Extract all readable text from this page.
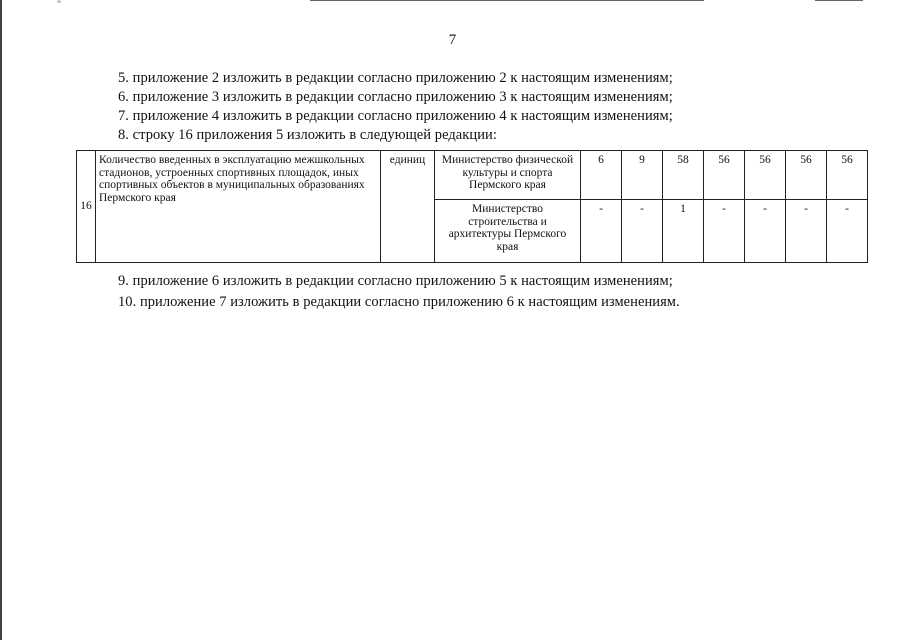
”
7
5. приложение 2 изложить в редакции согласно приложению 2 к настоящим изменениям;
6. приложение 3 изложить в редакции согласно приложению 3 к настоящим изменениям;
7. приложение 4 изложить в редакции согласно приложению 4 к настоящим изменениям;
8. строку 16 приложения 5 изложить в следующей редакции:
16	Количество введенных в эксплуатацию межшкольных стадионов, устроенных спортивных площадок, иных спортивных объектов в муниципальных образованиях Пермского края	единиц	Министерство физической культуры и спорта Пермского края	6	9	58	56	56	56	56
			Министерство строительства и архитектуры Пермского края	-	-	1	-	-	-	-
9. приложение 6 изложить в редакции согласно приложению 5 к настоящим изменениям;
10. приложение 7 изложить в редакции согласно приложению 6 к настоящим изменениям.
